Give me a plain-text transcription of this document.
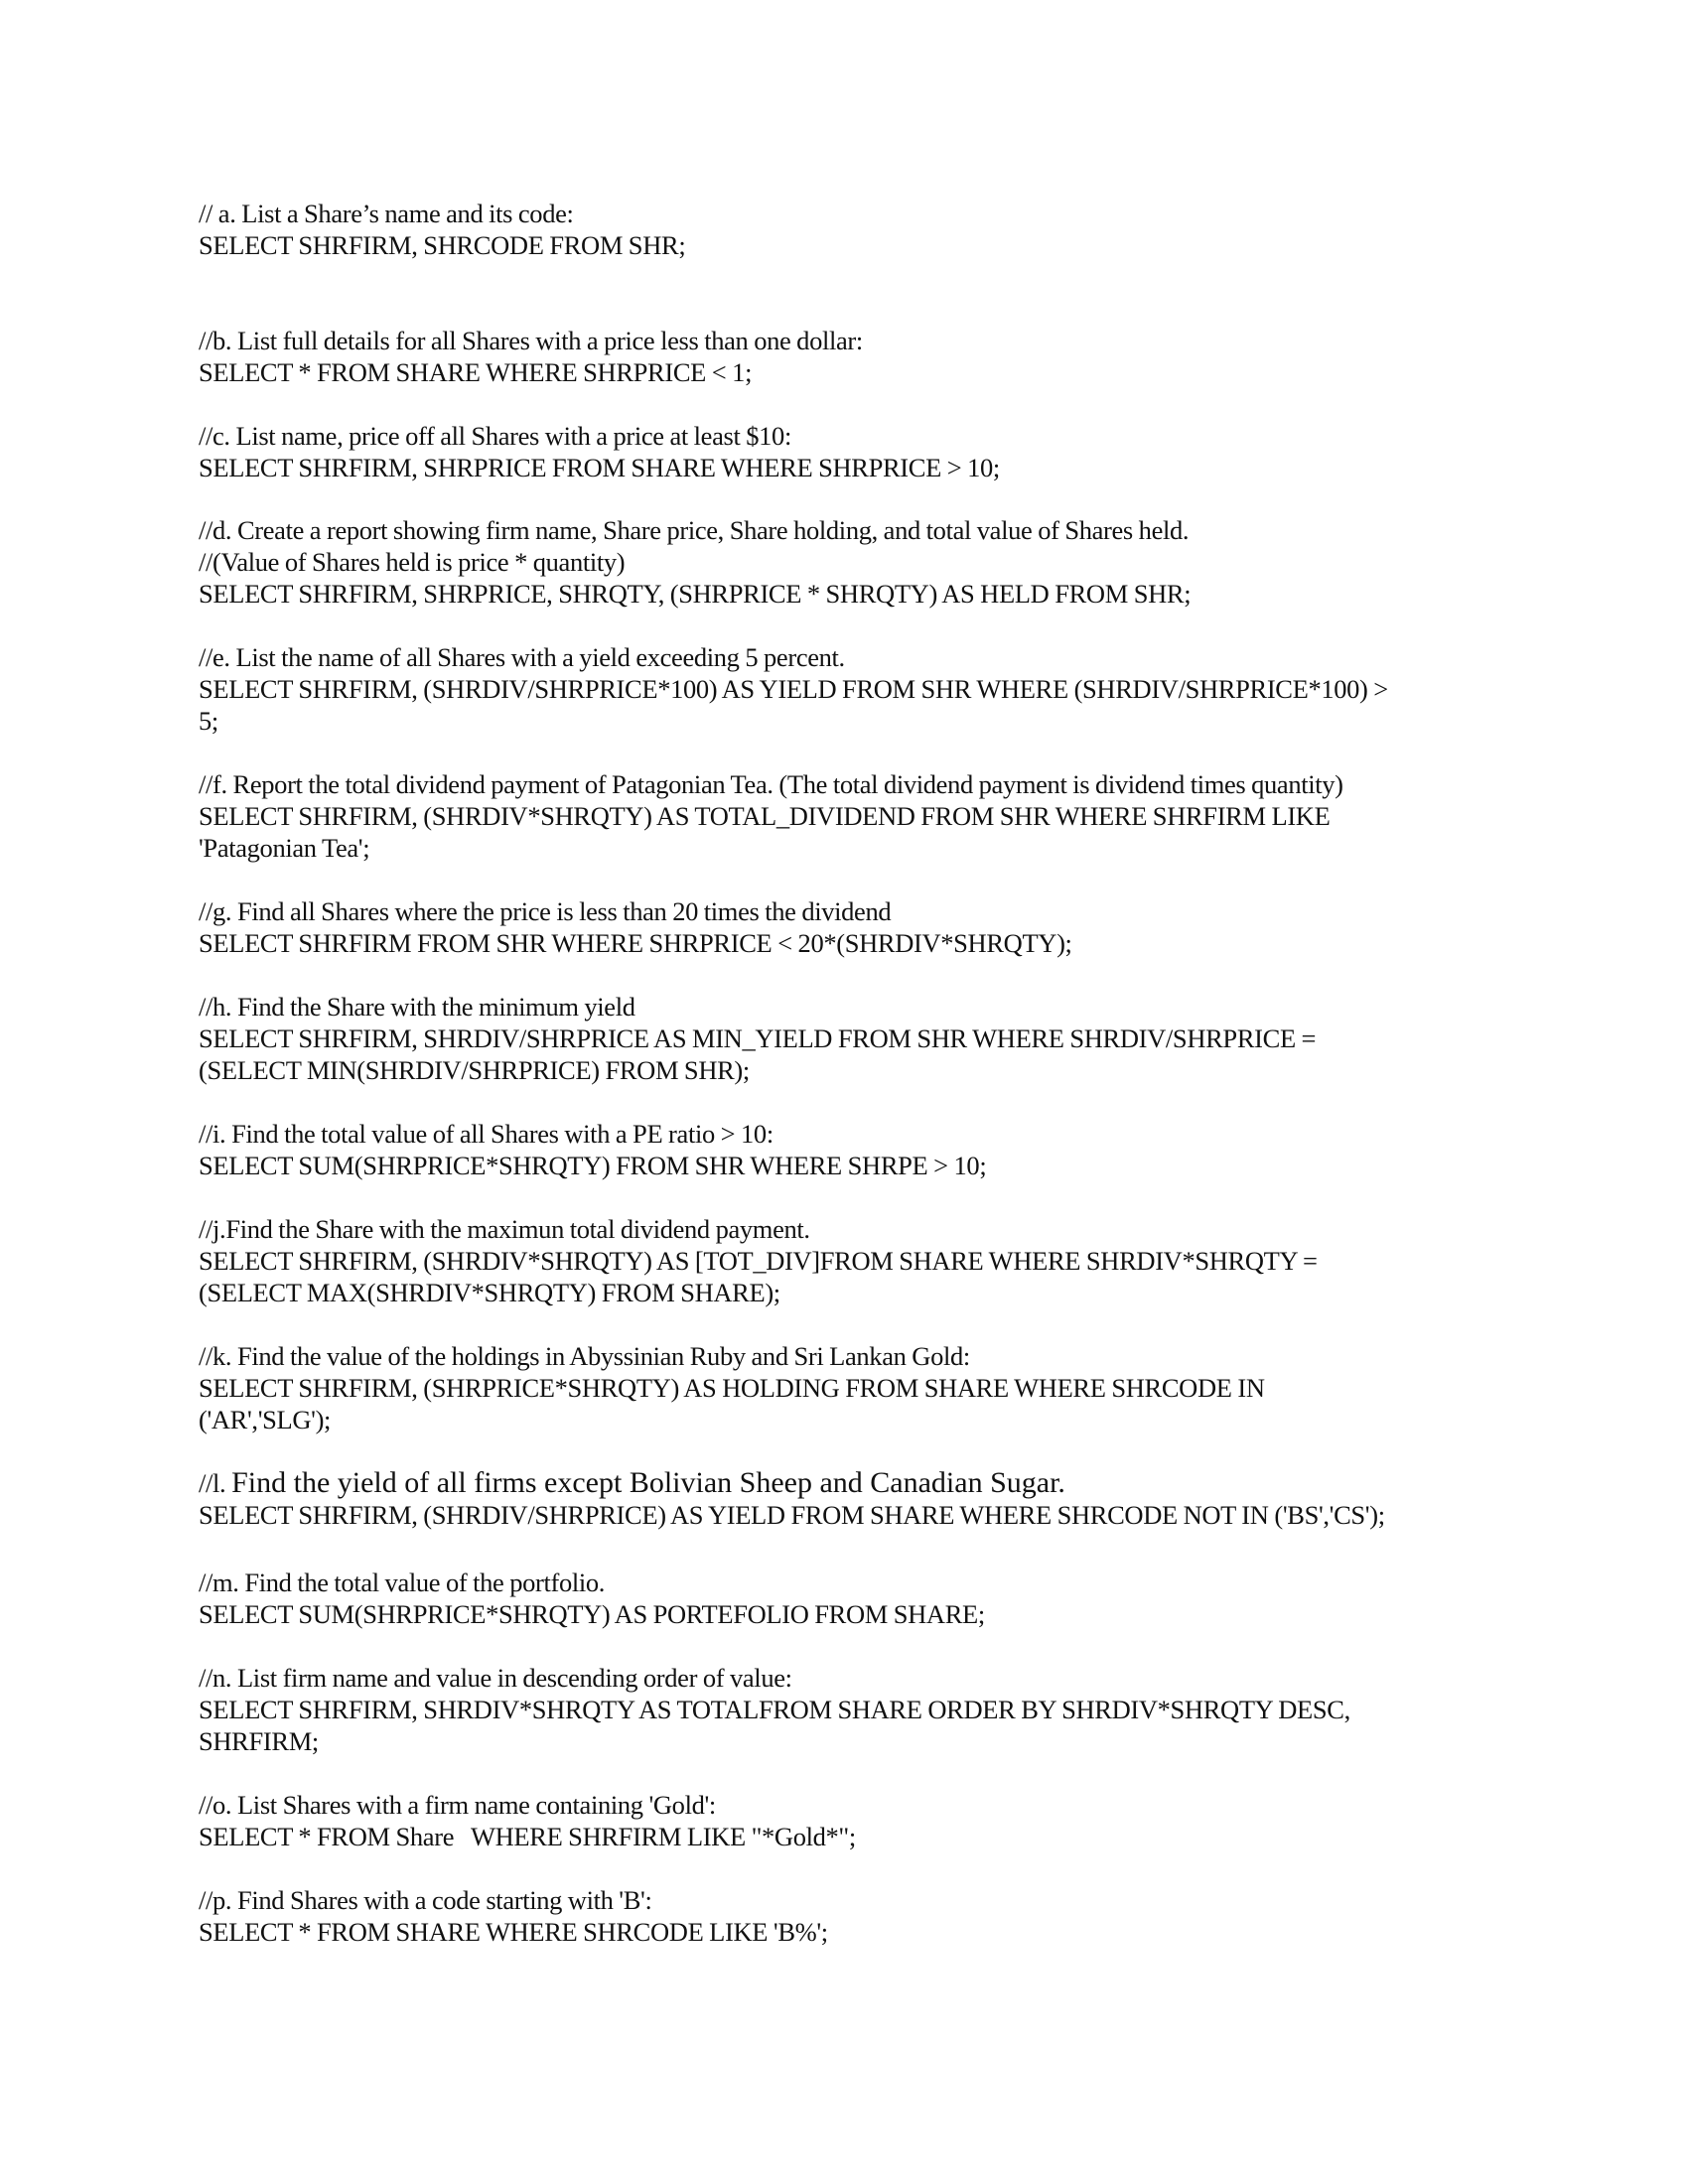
// a. List a Share’s name and its code:
SELECT SHRFIRM, SHRCODE FROM SHR;
//b. List full details for all Shares with a price less than one dollar:
SELECT * FROM SHARE WHERE SHRPRICE < 1;
//c. List name, price off all Shares with a price at least $10:
SELECT SHRFIRM, SHRPRICE FROM SHARE WHERE SHRPRICE > 10;
//d. Create a report showing firm name, Share price, Share holding, and total value of Shares held.
//(Value of Shares held is price * quantity)
SELECT SHRFIRM, SHRPRICE, SHRQTY, (SHRPRICE * SHRQTY) AS HELD FROM SHR;
//e. List the name of all Shares with a yield exceeding 5 percent.
SELECT SHRFIRM, (SHRDIV/SHRPRICE*100) AS YIELD FROM SHR WHERE (SHRDIV/SHRPRICE*100) >
5;
//f. Report the total dividend payment of Patagonian Tea. (The total dividend payment is dividend times quantity)
SELECT SHRFIRM, (SHRDIV*SHRQTY) AS TOTAL_DIVIDEND FROM SHR WHERE SHRFIRM LIKE
'Patagonian Tea';
//g. Find all Shares where the price is less than 20 times the dividend
SELECT SHRFIRM FROM SHR WHERE SHRPRICE < 20*(SHRDIV*SHRQTY);
//h. Find the Share with the minimum yield
SELECT SHRFIRM, SHRDIV/SHRPRICE AS MIN_YIELD FROM SHR WHERE SHRDIV/SHRPRICE =
(SELECT MIN(SHRDIV/SHRPRICE) FROM SHR);
//i. Find the total value of all Shares with a PE ratio > 10:
SELECT SUM(SHRPRICE*SHRQTY) FROM SHR WHERE SHRPE > 10;
//j.Find the Share with the maximun total dividend payment.
SELECT SHRFIRM, (SHRDIV*SHRQTY) AS [TOT_DIV]FROM SHARE WHERE SHRDIV*SHRQTY =
(SELECT MAX(SHRDIV*SHRQTY) FROM SHARE);
//k. Find the value of the holdings in Abyssinian Ruby and Sri Lankan Gold:
SELECT SHRFIRM, (SHRPRICE*SHRQTY) AS HOLDING FROM SHARE WHERE SHRCODE IN
('AR','SLG');
//l. Find the yield of all firms except Bolivian Sheep and Canadian Sugar.
SELECT SHRFIRM, (SHRDIV/SHRPRICE) AS YIELD FROM SHARE WHERE SHRCODE NOT IN ('BS','CS');
//m. Find the total value of the portfolio.
SELECT SUM(SHRPRICE*SHRQTY) AS PORTEFOLIO FROM SHARE;
//n. List firm name and value in descending order of value:
SELECT SHRFIRM, SHRDIV*SHRQTY AS TOTALFROM SHARE ORDER BY SHRDIV*SHRQTY DESC,
SHRFIRM;
//o. List Shares with a firm name containing 'Gold':
SELECT * FROM Share   WHERE SHRFIRM LIKE "*Gold*";
//p. Find Shares with a code starting with 'B':
SELECT * FROM SHARE WHERE SHRCODE LIKE 'B%';
